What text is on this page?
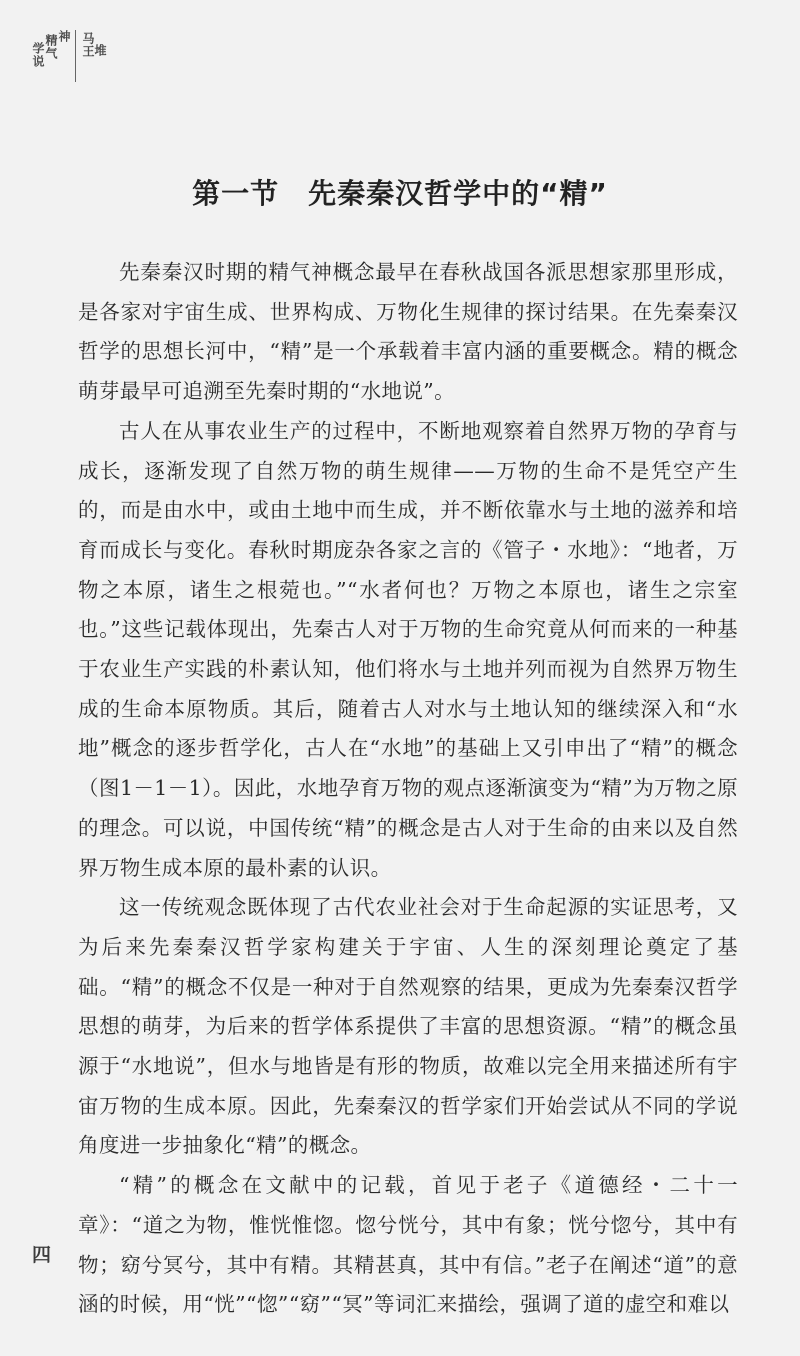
学说 精气 神 马王
堆
第一节　先秦秦汉哲学中的“精”

先秦秦汉时期的精气神概念最早在春秋战国各派思想家那里形成，是各家对宇宙生成、世界构成、万物化生规律的探讨结果。在先秦秦汉哲学的思想长河中，“精”是一个承载着丰富内涵的重要概念。精的概念萌芽最早可追溯至先秦时期的“水地说”。

古人在从事农业生产的过程中，不断地观察着自然界万物的孕育与成长，逐渐发现了自然万物的萌生规律——万物的生命不是凭空产生的，而是由水中，或由土地中而生成，并不断依靠水与土地的滋养和培育而成长与变化。春秋时期庞杂各家之言的《管子・水地》：“地者，万物之本原，诸生之根菀也。”“水者何也？万物之本原也，诸生之宗室也。”这些记载体现出，先秦古人对于万物的生命究竟从何而来的一种基于农业生产实践的朴素认知，他们将水与土地并列而视为自然界万物生成的生命本原物质。其后，随着古人对水与土地认知的继续深入和“水地”概念的逐步哲学化，古人在“水地”的基础上又引申出了“精”的概念（图1－1－1）。因此，水地孕育万物的观点逐渐演变为“精”为万物之原的理念。可以说，中国传统“精”的概念是古人对于生命的由来以及自然界万物生成本原的最朴素的认识。

这一传统观念既体现了古代农业社会对于生命起源的实证思考，又为后来先秦秦汉哲学家构建关于宇宙、人生的深刻理论奠定了基础。“精”的概念不仅是一种对于自然观察的结果，更成为先秦秦汉哲学思想的萌芽，为后来的哲学体系提供了丰富的思想资源。“精”的概念虽源于“水地说”，但水与地皆是有形的物质，故难以完全用来描述所有宇宙万物的生成本原。因此，先秦秦汉的哲学家们开始尝试从不同的学说角度进一步抽象化“精”的概念。

“精”的概念在文献中的记载，首见于老子《道德经・二十一章》：“道之为物，惟恍惟惚。惚兮恍兮，其中有象；恍兮惚兮，其中有物；窈兮冥兮，其中有精。其精甚真，其中有信。”老子在阐述“道”的意涵的时候，用“恍”“惚”“窈”“冥”等词汇来描绘，强调了道的虚空和难以

四
